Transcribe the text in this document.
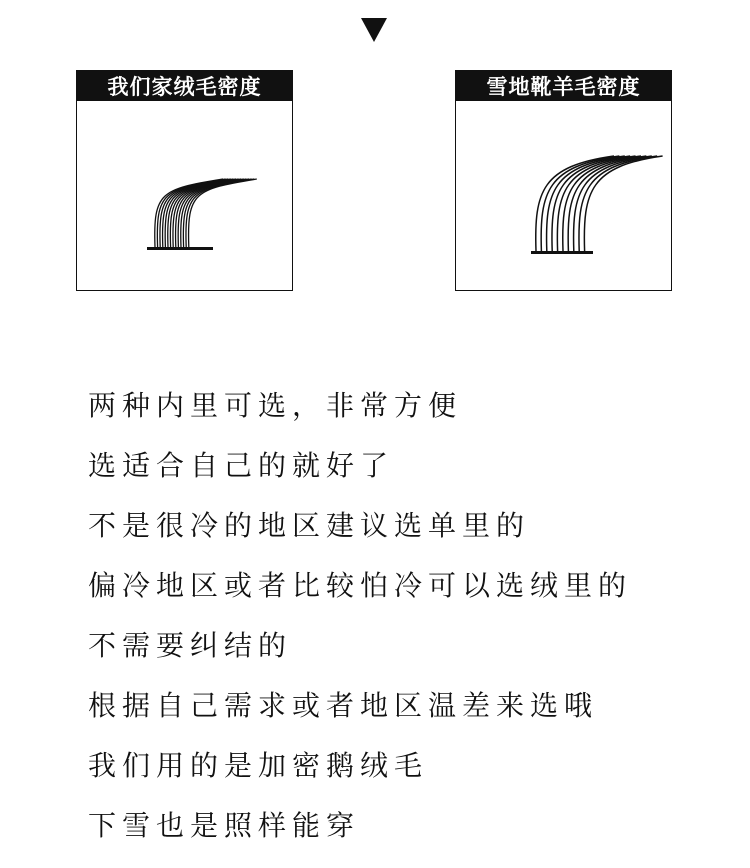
我们家绒毛密度	雪地靴羊毛密度
两种内里可选，非常方便
选适合自己的就好了
不是很冷的地区建议选单里的
偏冷地区或者比较怕冷可以选绒里的
不需要纠结的
根据自己需求或者地区温差来选哦
我们用的是加密鹅绒毛
下雪也是照样能穿
